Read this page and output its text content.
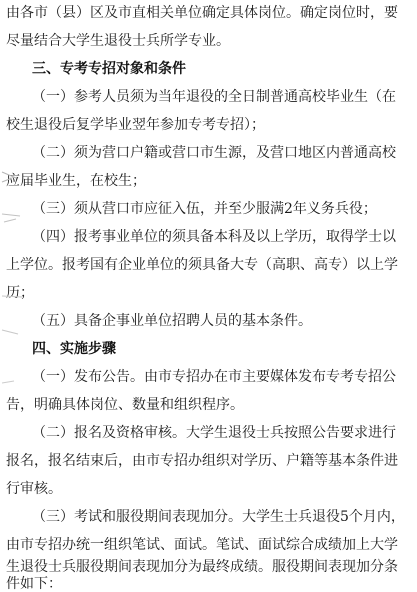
由各市（县）区及市直相关单位确定具体岗位。确定岗位时，要
尽量结合大学生退役士兵所学专业。
三、专考专招对象和条件
（一）参考人员须为当年退役的全日制普通高校毕业生（在
校生退役后复学毕业翌年参加专考专招）；
（二）须为营口户籍或营口市生源，及营口地区内普通高校
应届毕业生，在校生；
（三）须从营口市应征入伍，并至少服满2年义务兵役；
（四）报考事业单位的须具备本科及以上学历，取得学士以
上学位。报考国有企业单位的须具备大专（高职、高专）以上学
历；
（五）具备企事业单位招聘人员的基本条件。
四、实施步骤
（一）发布公告。由市专招办在市主要媒体发布专考专招公
告，明确具体岗位、数量和组织程序。
（二）报名及资格审核。大学生退役士兵按照公告要求进行
报名，报名结束后，由市专招办组织对学历、户籍等基本条件进
行审核。
（三）考试和服役期间表现加分。大学生士兵退役5个月内，
由市专招办统一组织笔试、面试。笔试、面试综合成绩加上大学
生退役士兵服役期间表现加分为最终成绩。服役期间表现加分条
件如下：
